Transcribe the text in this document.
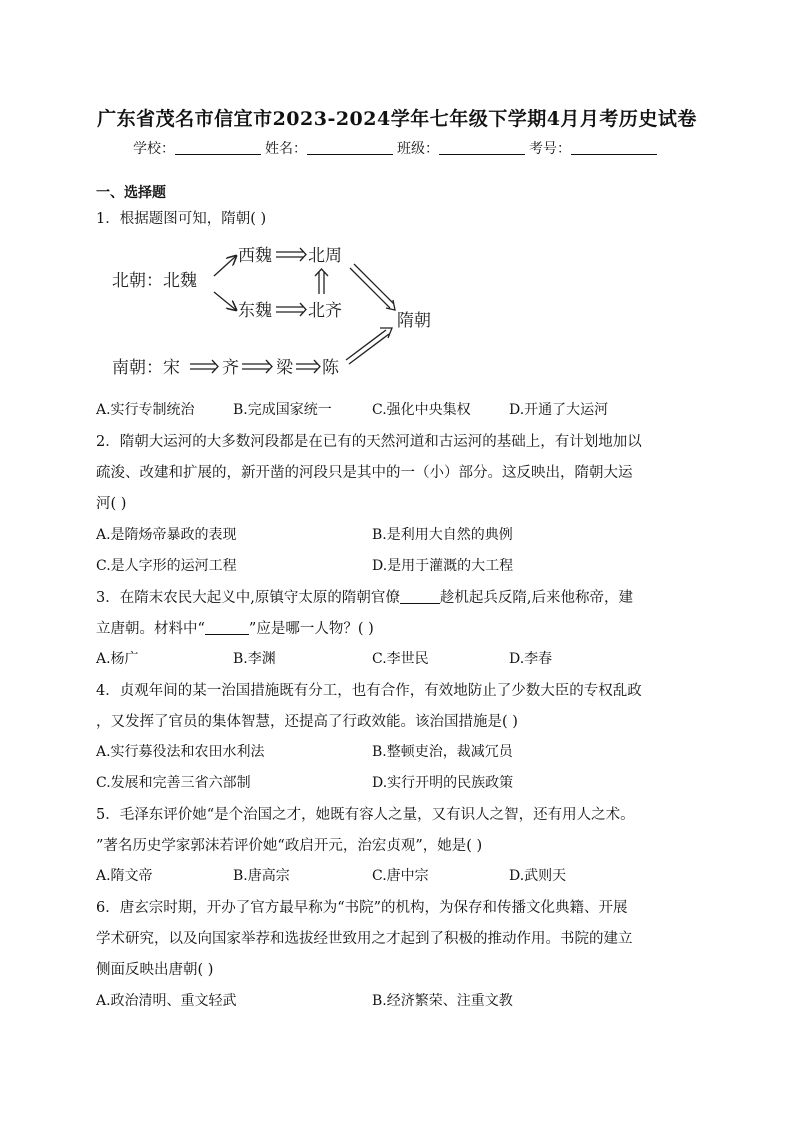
广东省茂名市信宜市2023-2024学年七年级下学期4月月考历史试卷
学校：	姓名：	班级：	考号：
一、选择题
1．根据题图可知，隋朝( )
北朝：北魏
西魏 北周
东魏 北齐	隋朝
南朝：宋 齐 梁 陈
A.实行专制统治	B.完成国家统一	C.强化中央集权	D.开通了大运河
2．隋朝大运河的大多数河段都是在已有的天然河道和古运河的基础上，有计划地加以
疏浚、改建和扩展的，新开凿的河段只是其中的一（小）部分。这反映出，隋朝大运
河( )
A.是隋炀帝暴政的表现	B.是利用大自然的典例
C.是人字形的运河工程	D.是用于灌溉的大工程
3．在隋末农民大起义中,原镇守太原的隋朝官僚	趁机起兵反隋,后来他称帝，建
立唐朝。材料中“	”应是哪一人物？( )
A.杨广	B.李渊	C.李世民	D.李春
4．贞观年间的某一治国措施既有分工，也有合作，有效地防止了少数大臣的专权乱政
，又发挥了官员的集体智慧，还提高了行政效能。该治国措施是( )
A.实行募役法和农田水利法	B.整顿吏治，裁减冗员
C.发展和完善三省六部制	D.实行开明的民族政策
5．毛泽东评价她“是个治国之才，她既有容人之量，又有识人之智，还有用人之术。
”著名历史学家郭沫若评价她“政启开元，治宏贞观”，她是( )
A.隋文帝	B.唐高宗	C.唐中宗	D.武则天
6．唐玄宗时期，开办了官方最早称为“书院”的机构，为保存和传播文化典籍、开展
学术研究，以及向国家举荐和选拔经世致用之才起到了积极的推动作用。书院的建立
侧面反映出唐朝( )
A.政治清明、重文轻武	B.经济繁荣、注重文教
